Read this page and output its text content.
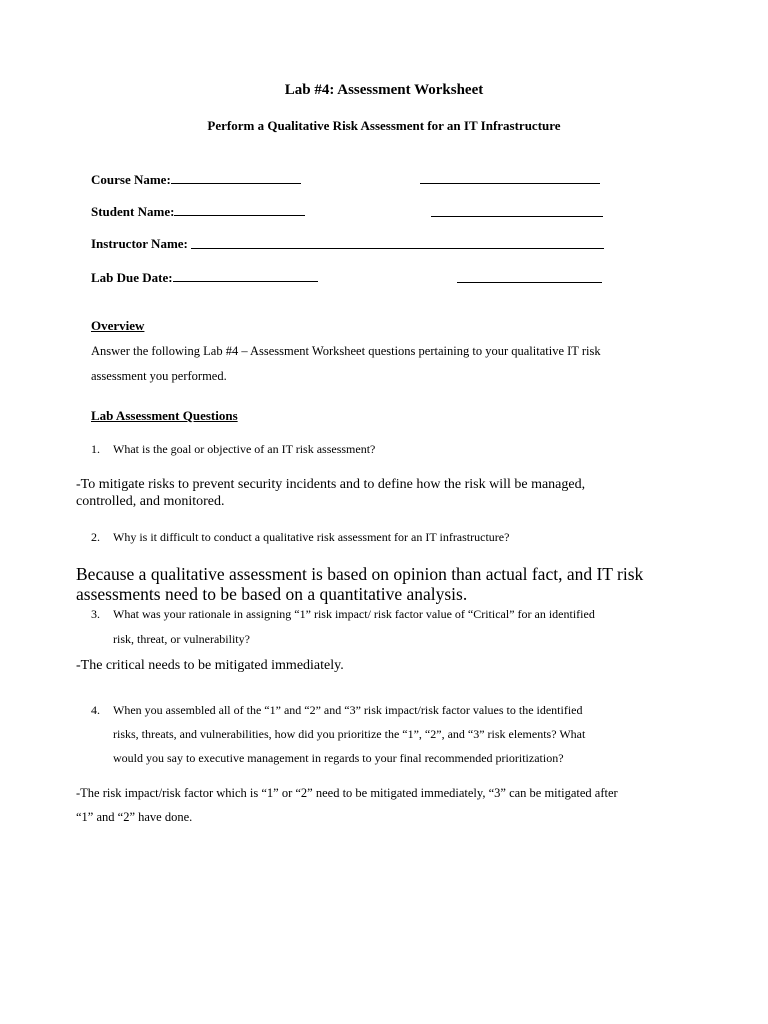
Lab #4: Assessment Worksheet
Perform a Qualitative Risk Assessment for an IT Infrastructure
Course Name:
Student Name:
Instructor Name:
Lab Due Date:
Overview
Answer the following Lab #4 – Assessment Worksheet questions pertaining to your qualitative IT risk
assessment you performed.
Lab Assessment Questions
1. What is the goal or objective of an IT risk assessment?
-To mitigate risks to prevent security incidents and to define how the risk will be managed,
controlled, and monitored.
2. Why is it difficult to conduct a qualitative risk assessment for an IT infrastructure?
Because a qualitative assessment is based on opinion than actual fact, and IT risk
assessments need to be based on a quantitative analysis.
3. What was your rationale in assigning “1” risk impact/ risk factor value of “Critical” for an identified
risk, threat, or vulnerability?
-The critical needs to be mitigated immediately.
4. When you assembled all of the “1” and “2” and “3” risk impact/risk factor values to the identified
risks, threats, and vulnerabilities, how did you prioritize the “1”, “2”, and “3” risk elements? What
would you say to executive management in regards to your final recommended prioritization?
-The risk impact/risk factor which is “1” or “2” need to be mitigated immediately, “3” can be mitigated after
“1” and “2” have done.
